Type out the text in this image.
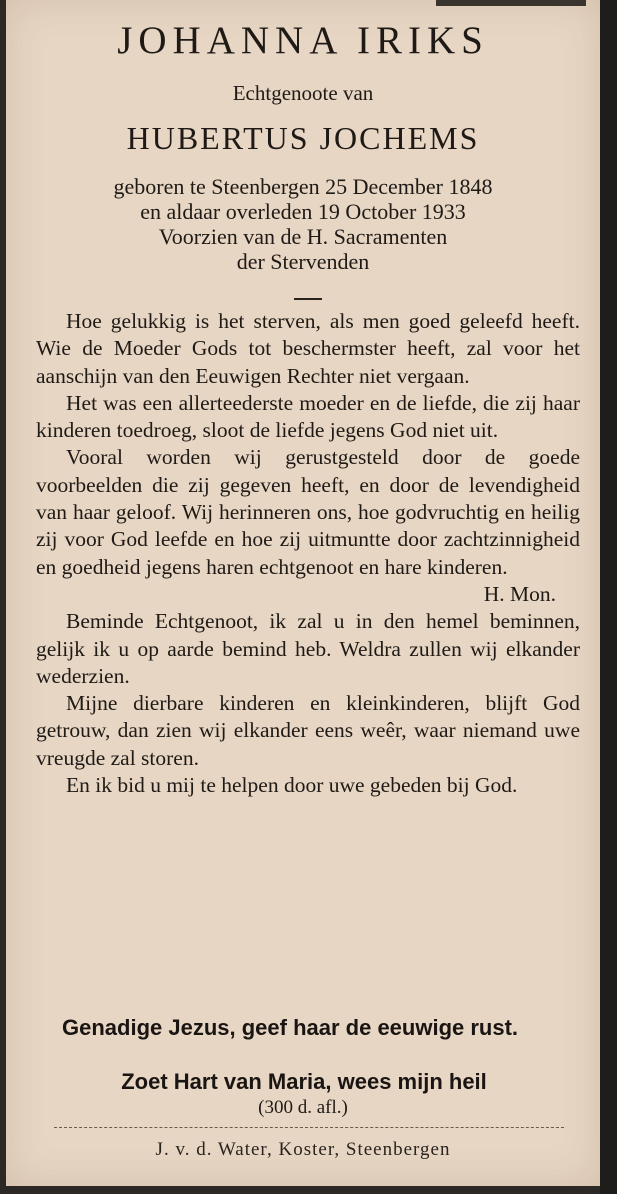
JOHANNA IRIKS
Echtgenoote van
HUBERTUS JOCHEMS
geboren te Steenbergen 25 December 1848
en aldaar overleden 19 October 1933
Voorzien van de H. Sacramenten
der Stervenden

Hoe gelukkig is het sterven, als men goed geleefd heeft. Wie de Moeder Gods tot beschermster heeft, zal voor het aanschijn van den Eeuwigen Rechter niet vergaan.

Het was een allerteederste moeder en de liefde, die zij haar kinderen toedroeg, sloot de liefde jegens God niet uit.

Vooral worden wij gerustgesteld door de goede voorbeelden die zij gegeven heeft, en door de levendigheid van haar geloof. Wij herinneren ons, hoe godvruchtig en heilig zij voor God leefde en hoe zij uitmuntte door zachtzinnigheid en goedheid jegens haren echtgenoot en hare kinderen.

H. Mon.

Beminde Echtgenoot, ik zal u in den hemel beminnen, gelijk ik u op aarde bemind heb. Weldra zullen wij elkander wederzien.

Mijne dierbare kinderen en kleinkinderen, blijft God getrouw, dan zien wij elkander eens weêr, waar niemand uwe vreugde zal storen.

En ik bid u mij te helpen door uwe gebeden bij God.

Genadige Jezus, geef haar de eeuwige rust.
Zoet Hart van Maria, wees mijn heil
(300 d. afl.)
J. v. d. Water, Koster, Steenbergen
